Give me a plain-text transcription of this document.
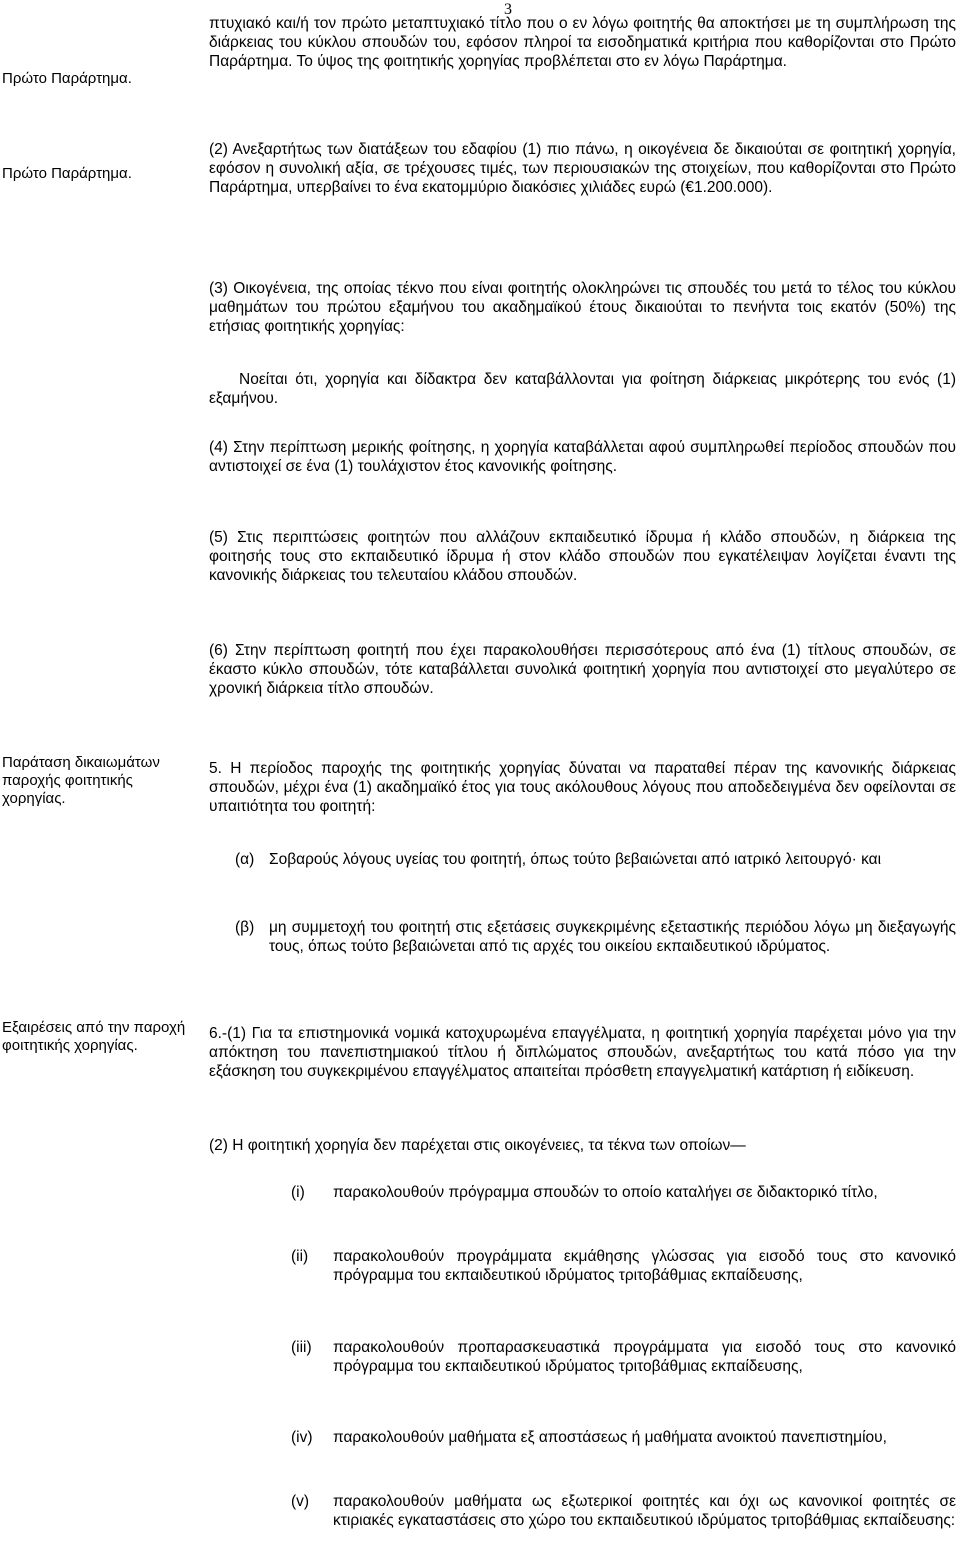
3
Πρώτο Παράρτημα.
Πρώτο Παράρτημα.
Παράταση δικαιωμάτων παροχής φοιτητικής χορηγίας.
Εξαιρέσεις από την παροχή φοιτητικής χορηγίας.
πτυχιακό και/ή τον πρώτο μεταπτυχιακό τίτλο που ο εν λόγω φοιτητής θα αποκτήσει με τη συμπλήρωση της διάρκειας του κύκλου σπουδών του, εφόσον πληροί τα εισοδηματικά κριτήρια που καθορίζονται στο Πρώτο Παράρτημα. Το ύψος της φοιτητικής χορηγίας προβλέπεται στο εν λόγω Παράρτημα.
(2) Ανεξαρτήτως των διατάξεων του εδαφίου (1) πιο πάνω, η οικογένεια δε δικαιούται σε φοιτητική χορηγία, εφόσον η συνολική αξία, σε τρέχουσες τιμές, των περιουσιακών της στοιχείων, που καθορίζονται στο Πρώτο Παράρτημα, υπερβαίνει το ένα εκατομμύριο διακόσιες χιλιάδες ευρώ (€1.200.000).
(3) Οικογένεια, της οποίας τέκνο που είναι φοιτητής ολοκληρώνει τις σπουδές του μετά το τέλος του κύκλου μαθημάτων του πρώτου εξαμήνου του ακαδημαϊκού έτους δικαιούται το πενήντα τοις εκατόν (50%) της ετήσιας φοιτητικής χορηγίας:
Νοείται ότι, χορηγία και δίδακτρα δεν καταβάλλονται για φοίτηση διάρκειας μικρότερης του ενός (1) εξαμήνου.
(4) Στην περίπτωση μερικής φοίτησης, η χορηγία καταβάλλεται αφού συμπληρωθεί περίοδος σπουδών που αντιστοιχεί σε ένα (1) τουλάχιστον έτος κανονικής φοίτησης.
(5) Στις περιπτώσεις φοιτητών που αλλάζουν εκπαιδευτικό ίδρυμα ή κλάδο σπουδών, η διάρκεια της φοιτησής τους στο εκπαιδευτικό ίδρυμα ή στον κλάδο σπουδών που εγκατέλειψαν λογίζεται έναντι της κανονικής διάρκειας του τελευταίου κλάδου σπουδών.
(6) Στην περίπτωση φοιτητή που έχει παρακολουθήσει περισσότερους από ένα (1) τίτλους σπουδών, σε έκαστο κύκλο σπουδών, τότε καταβάλλεται συνολικά φοιτητική χορηγία που αντιστοιχεί στο μεγαλύτερο σε χρονική διάρκεια τίτλο σπουδών.
5. Η περίοδος παροχής της φοιτητικής χορηγίας δύναται να παραταθεί πέραν της κανονικής διάρκειας σπουδών, μέχρι ένα (1) ακαδημαϊκό έτος για τους ακόλουθους λόγους που αποδεδειγμένα δεν οφείλονται σε υπαιτιότητα του φοιτητή:
(α) Σοβαρούς λόγους υγείας του φοιτητή, όπως τούτο βεβαιώνεται από ιατρικό λειτουργό· και
(β) μη συμμετοχή του φοιτητή στις εξετάσεις συγκεκριμένης εξεταστικής περιόδου λόγω μη διεξαγωγής τους, όπως τούτο βεβαιώνεται από τις αρχές του οικείου εκπαιδευτικού ιδρύματος.
6.-(1) Για τα επιστημονικά νομικά κατοχυρωμένα επαγγέλματα, η φοιτητική χορηγία παρέχεται μόνο για την απόκτηση του πανεπιστημιακού τίτλου ή διπλώματος σπουδών, ανεξαρτήτως του κατά πόσο για την εξάσκηση του συγκεκριμένου επαγγέλματος απαιτείται πρόσθετη επαγγελματική κατάρτιση ή ειδίκευση.
(2) Η φοιτητική χορηγία δεν παρέχεται στις οικογένειες, τα τέκνα των οποίων—
(i) παρακολουθούν πρόγραμμα σπουδών το οποίο καταλήγει σε διδακτορικό τίτλο,
(ii) παρακολουθούν προγράμματα εκμάθησης γλώσσας για εισοδό τους στο κανονικό πρόγραμμα του εκπαιδευτικού ιδρύματος τριτοβάθμιας εκπαίδευσης,
(iii) παρακολουθούν προπαρασκευαστικά προγράμματα για εισοδό τους στο κανονικό πρόγραμμα του εκπαιδευτικού ιδρύματος τριτοβάθμιας εκπαίδευσης,
(iv) παρακολουθούν μαθήματα εξ αποστάσεως ή μαθήματα ανοικτού πανεπιστημίου,
(v) παρακολουθούν μαθήματα ως εξωτερικοί φοιτητές και όχι ως κανονικοί φοιτητές σε κτιριακές εγκαταστάσεις στο χώρο του εκπαιδευτικού ιδρύματος τριτοβάθμιας εκπαίδευσης:
